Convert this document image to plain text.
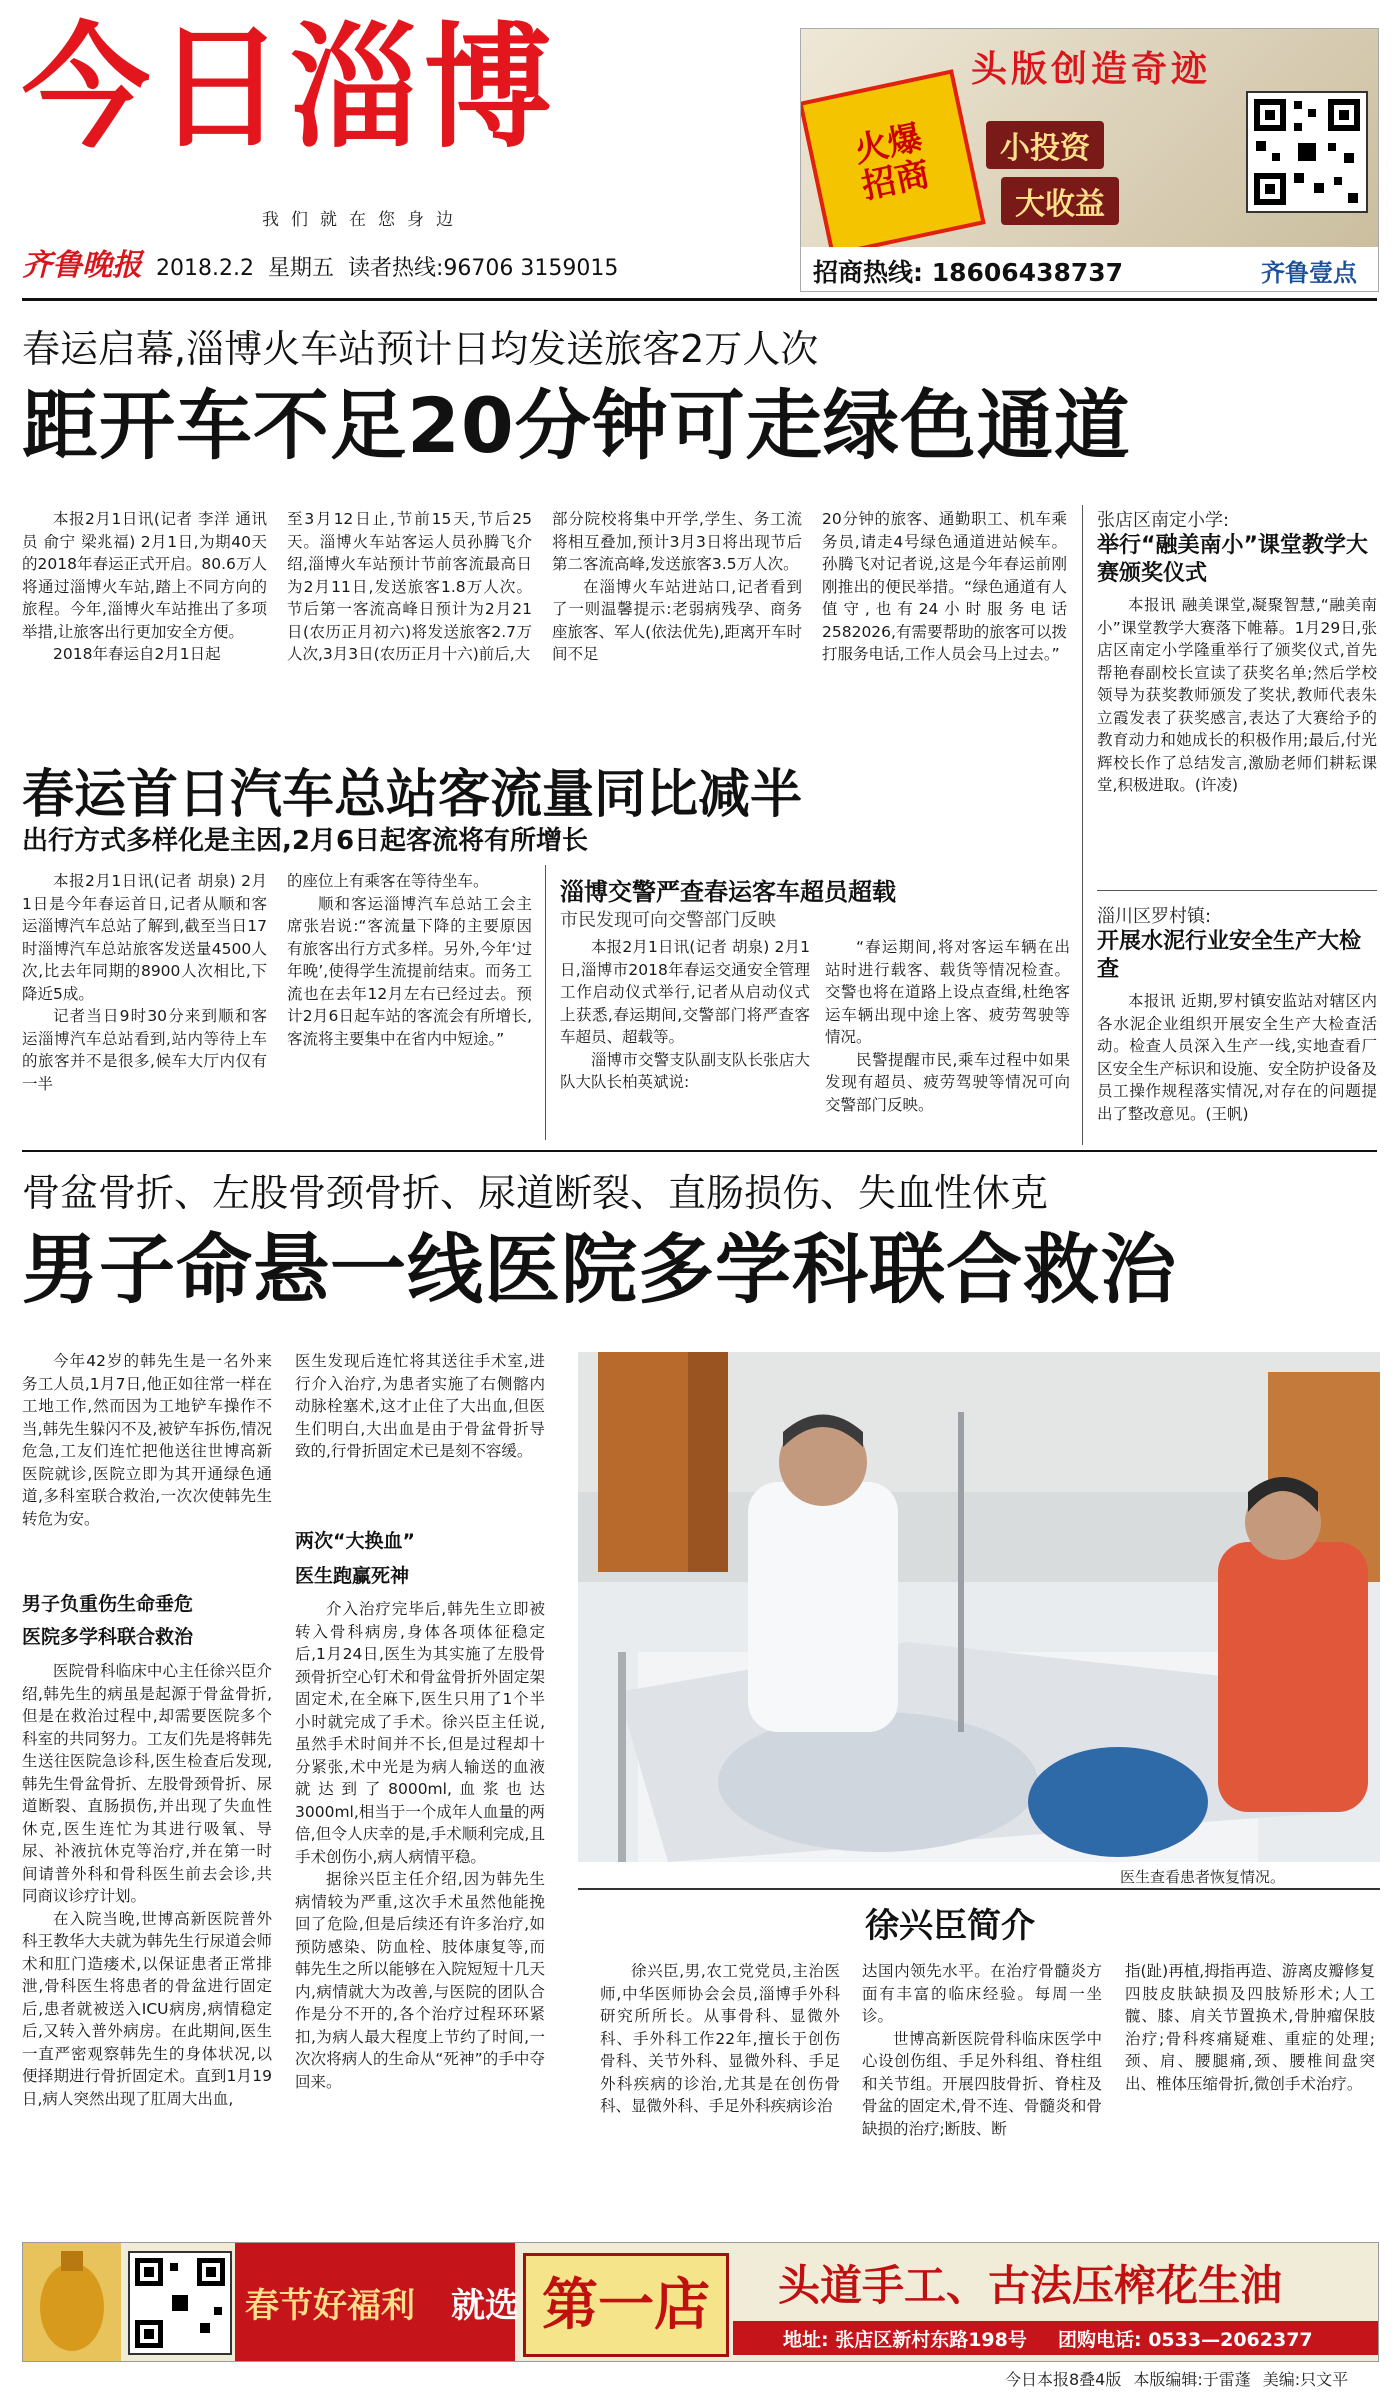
今日淄博
我们就在您身边
齐鲁晚报 2018.2.2 星期五 读者热线:96706 3159015
头版创造奇迹
火爆招商
小投资
大收益
招商热线: 18606438737	齐鲁壹点
春运启幕,淄博火车站预计日均发送旅客2万人次
距开车不足20分钟可走绿色通道

本报2月1日讯(记者 李洋 通讯员 俞宁 梁兆福) 2月1日,为期40天的2018年春运正式开启。80.6万人将通过淄博火车站,踏上不同方向的旅程。今年,淄博火车站推出了多项举措,让旅客出行更加安全方便。

2018年春运自2月1日起

至3月12日止,节前15天,节后25天。淄博火车站客运人员孙腾飞介绍,淄博火车站预计节前客流最高日为2月11日,发送旅客1.8万人次。节后第一客流高峰日预计为2月21日(农历正月初六)将发送旅客2.7万人次,3月3日(农历正月十六)前后,大

部分院校将集中开学,学生、务工流将相互叠加,预计3月3日将出现节后第二客流高峰,发送旅客3.5万人次。

在淄博火车站进站口,记者看到了一则温馨提示:老弱病残孕、商务座旅客、军人(依法优先),距离开车时间不足

20分钟的旅客、通勤职工、机车乘务员,请走4号绿色通道进站候车。孙腾飞对记者说,这是今年春运前刚刚推出的便民举措。“绿色通道有人值守,也有24小时服务电话2582026,有需要帮助的旅客可以拨打服务电话,工作人员会马上过去。”

张店区南定小学:
举行“融美南小”课堂教学大赛颁奖仪式

本报讯 融美课堂,凝聚智慧,“融美南小”课堂教学大赛落下帷幕。1月29日,张店区南定小学隆重举行了颁奖仪式,首先帮艳春副校长宣读了获奖名单;然后学校领导为获奖教师颁发了奖状,教师代表朱立霞发表了获奖感言,表达了大赛给予的教育动力和她成长的积极作用;最后,付光辉校长作了总结发言,激励老师们耕耘课堂,积极进取。(许凌)

春运首日汽车总站客流量同比减半
出行方式多样化是主因,2月6日起客流将有所增长

本报2月1日讯(记者 胡泉) 2月1日是今年春运首日,记者从顺和客运淄博汽车总站了解到,截至当日17时淄博汽车总站旅客发送量4500人次,比去年同期的8900人次相比,下降近5成。

记者当日9时30分来到顺和客运淄博汽车总站看到,站内等待上车的旅客并不是很多,候车大厅内仅有一半

的座位上有乘客在等待坐车。

顺和客运淄博汽车总站工会主席张岩说:“客流量下降的主要原因有旅客出行方式多样。另外,今年‘过年晚’,使得学生流提前结束。而务工流也在去年12月左右已经过去。预计2月6日起车站的客流会有所增长,客流将主要集中在省内中短途。”

淄博交警严查春运客车超员超载
市民发现可向交警部门反映

本报2月1日讯(记者 胡泉) 2月1日,淄博市2018年春运交通安全管理工作启动仪式举行,记者从启动仪式上获悉,春运期间,交警部门将严查客车超员、超载等。

淄博市交警支队副支队长张店大队大队长柏英斌说:

“春运期间,将对客运车辆在出站时进行载客、载货等情况检查。交警也将在道路上设点查缉,杜绝客运车辆出现中途上客、疲劳驾驶等情况。

民警提醒市民,乘车过程中如果发现有超员、疲劳驾驶等情况可向交警部门反映。

淄川区罗村镇:
开展水泥行业安全生产大检查

本报讯 近期,罗村镇安监站对辖区内各水泥企业组织开展安全生产大检查活动。检查人员深入生产一线,实地查看厂区安全生产标识和设施、安全防护设备及员工操作规程落实情况,对存在的问题提出了整改意见。(王帆)

骨盆骨折、左股骨颈骨折、尿道断裂、直肠损伤、失血性休克
男子命悬一线医院多学科联合救治

今年42岁的韩先生是一名外来务工人员,1月7日,他正如往常一样在工地工作,然而因为工地铲车操作不当,韩先生躲闪不及,被铲车拆伤,情况危急,工友们连忙把他送往世博高新医院就诊,医院立即为其开通绿色通道,多科室联合救治,一次次使韩先生转危为安。

男子负重伤生命垂危
医院多学科联合救治

医院骨科临床中心主任徐兴臣介绍,韩先生的病虽是起源于骨盆骨折,但是在救治过程中,却需要医院多个科室的共同努力。工友们先是将韩先生送往医院急诊科,医生检查后发现,韩先生骨盆骨折、左股骨颈骨折、尿道断裂、直肠损伤,并出现了失血性休克,医生连忙为其进行吸氧、导尿、补液抗休克等治疗,并在第一时间请普外科和骨科医生前去会诊,共同商议诊疗计划。

在入院当晚,世博高新医院普外科王教华大夫就为韩先生行尿道会师术和肛门造瘘术,以保证患者正常排泄,骨科医生将患者的骨盆进行固定后,患者就被送入ICU病房,病情稳定后,又转入普外病房。在此期间,医生一直严密观察韩先生的身体状况,以便择期进行骨折固定术。直到1月19日,病人突然出现了肛周大出血,

医生发现后连忙将其送往手术室,进行介入治疗,为患者实施了右侧髂内动脉栓塞术,这才止住了大出血,但医生们明白,大出血是由于骨盆骨折导致的,行骨折固定术已是刻不容缓。

两次“大换血”
医生跑赢死神

介入治疗完毕后,韩先生立即被转入骨科病房,身体各项体征稳定后,1月24日,医生为其实施了左股骨颈骨折空心钉术和骨盆骨折外固定架固定术,在全麻下,医生只用了1个半小时就完成了手术。徐兴臣主任说,虽然手术时间并不长,但是过程却十分紧张,术中光是为病人输送的血液就达到了8000ml,血浆也达3000ml,相当于一个成年人血量的两倍,但令人庆幸的是,手术顺利完成,且手术创伤小,病人病情平稳。

据徐兴臣主任介绍,因为韩先生病情较为严重,这次手术虽然他能挽回了危险,但是后续还有许多治疗,如预防感染、防血栓、肢体康复等,而韩先生之所以能够在入院短短十几天内,病情就大为改善,与医院的团队合作是分不开的,各个治疗过程环环紧扣,为病人最大程度上节约了时间,一次次将病人的生命从“死神”的手中夺回来。

医生查看患者恢复情况。
徐兴臣简介

徐兴臣,男,农工党党员,主治医师,中华医师协会会员,淄博手外科研究所所长。从事骨科、显微外科、手外科工作22年,擅长于创伤骨科、关节外科、显微外科、手足外科疾病的诊治,尤其是在创伤骨科、显微外科、手足外科疾病诊治

达国内领先水平。在治疗骨髓炎方面有丰富的临床经验。每周一坐诊。

世博高新医院骨科临床医学中心设创伤组、手足外科组、脊柱组和关节组。开展四肢骨折、脊柱及骨盆的固定术,骨不连、骨髓炎和骨缺损的治疗;断肢、断

指(趾)再植,拇指再造、游离皮瓣修复四肢皮肤缺损及四肢矫形术;人工髋、膝、肩关节置换术,骨肿瘤保肢治疗;骨科疼痛疑难、重症的处理;颈、肩、腰腿痛,颈、腰椎间盘突出、椎体压缩骨折,微创手术治疗。

春节好福利 就选 第一店	头道手工、古法压榨花生油
地址: 张店区新村东路198号 团购电话: 0533—2062377
今日本报8叠4版 本版编辑:于雷蓬 美编:只文平
